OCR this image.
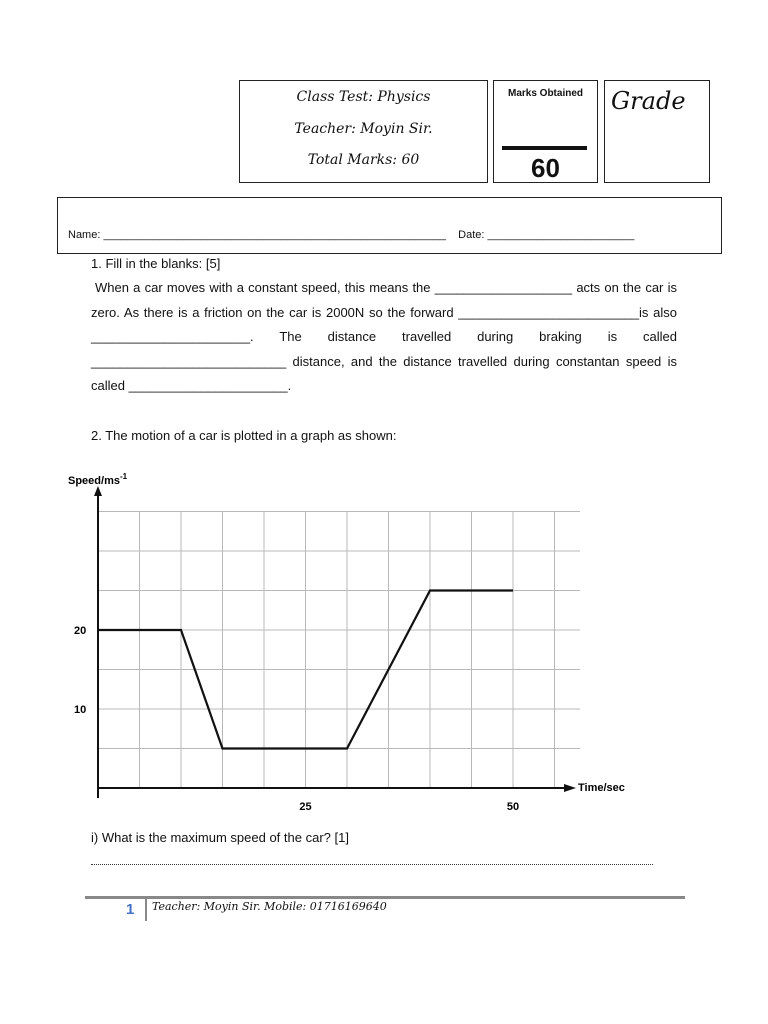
Class Test: Physics
Teacher: Moyin Sir.
Total Marks: 60
Marks Obtained
60
Grade
Name: ________________________________________________________ Date: ________________________
1. Fill in the blanks: [5]
When a car moves with a constant speed, this means the ___________________ acts on the car is zero. As there is a friction on the car is 2000N so the forward _________________________is also ______________________. The distance travelled during braking is called ___________________________ distance, and the distance travelled during constantan speed is called ______________________.
2. The motion of a car is plotted in a graph as shown:
10
20
25	50
Speed/$ms^{-1}$
Time/sec
i) What is the maximum speed of the car? [1]
1 Teacher: Moyin Sir. Mobile: 01716169640
